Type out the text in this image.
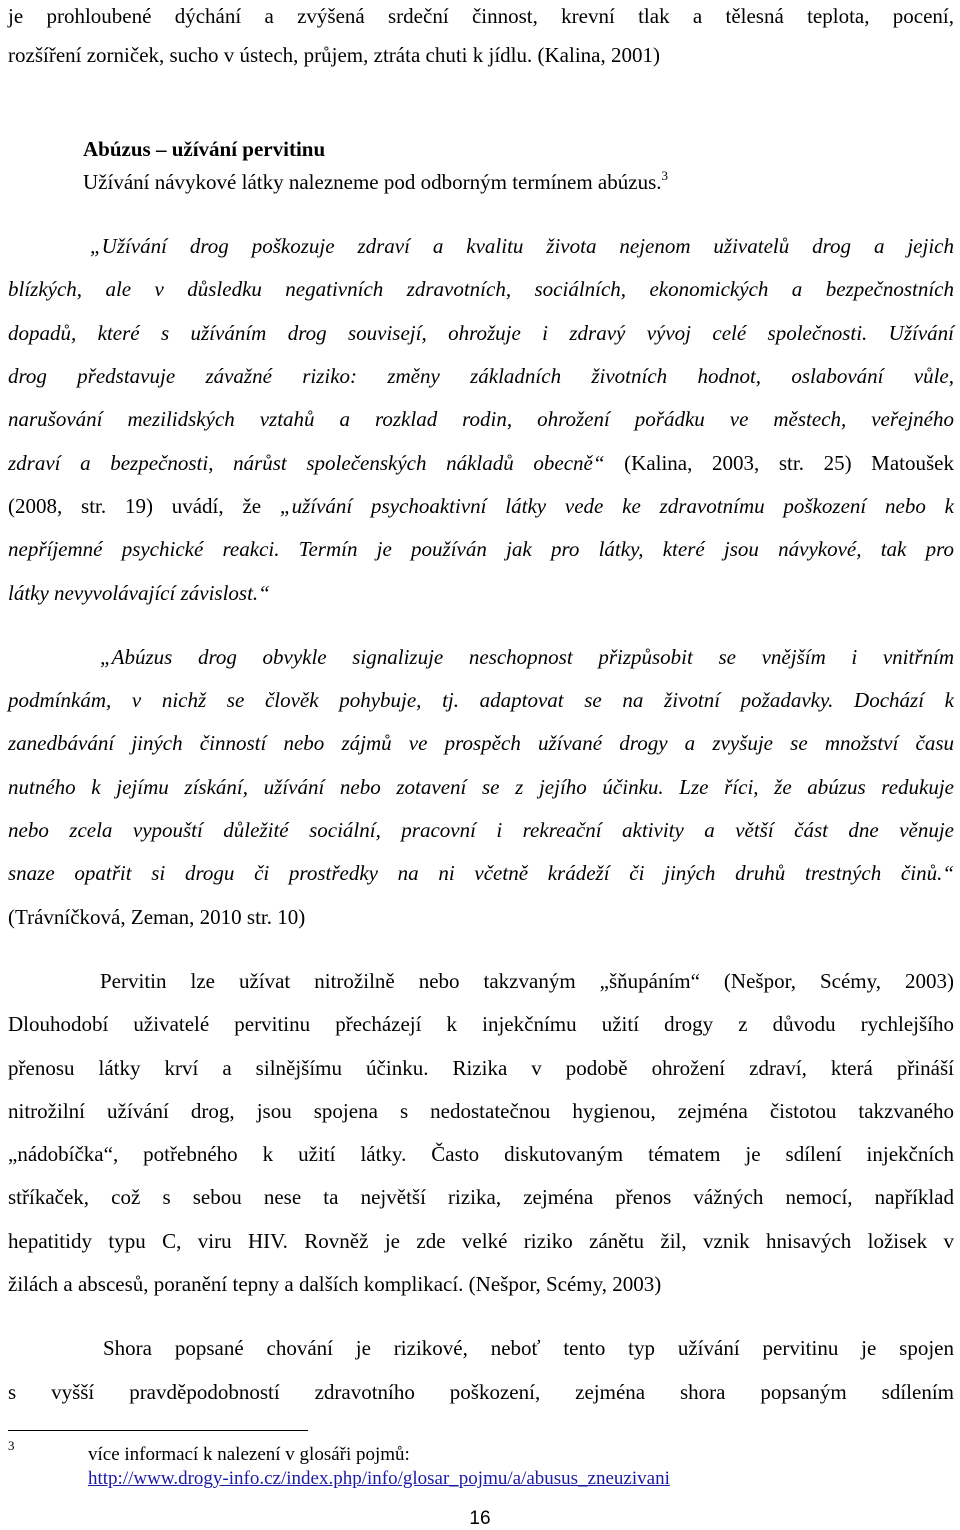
je prohloubené dýchání a zvýšená srdeční činnost, krevní tlak a tělesná teplota, pocení,
rozšíření zorniček, sucho v ústech, průjem, ztráta chuti k jídlu. (Kalina, 2001)
Abúzus – užívání pervitinu
Užívání návykové látky nalezneme pod odborným termínem abúzus.$^3$
„Užívání drog poškozuje zdraví a kvalitu života nejenom uživatelů drog a jejich
blízkých, ale v důsledku negativních zdravotních, sociálních, ekonomických a bezpečnostních
dopadů, které s užíváním drog souvisejí, ohrožuje i zdravý vývoj celé společnosti. Užívání
drog představuje závažné riziko: změny základních životních hodnot, oslabování vůle,
narušování mezilidských vztahů a rozklad rodin, ohrožení pořádku ve městech, veřejného
zdraví a bezpečnosti, nárůst společenských nákladů obecně“ (Kalina, 2003, str. 25) Matoušek
(2008, str. 19) uvádí, že „užívání psychoaktivní látky vede ke zdravotnímu poškození nebo k
nepříjemné psychické reakci. Termín je používán jak pro látky, které jsou návykové, tak pro
látky nevyvolávající závislost.“
„Abúzus drog obvykle signalizuje neschopnost přizpůsobit se vnějším i vnitřním
podmínkám, v nichž se člověk pohybuje, tj. adaptovat se na životní požadavky. Dochází k
zanedbávání jiných činností nebo zájmů ve prospěch užívané drogy a zvyšuje se množství času
nutného k jejímu získání, užívání nebo zotavení se z jejího účinku. Lze říci, že abúzus redukuje
nebo zcela vypouští důležité sociální, pracovní i rekreační aktivity a větší část dne věnuje
snaze opatřit si drogu či prostředky na ni včetně krádeží či jiných druhů trestných činů.“
(Trávníčková, Zeman, 2010 str. 10)
Pervitin lze užívat nitrožilně nebo takzvaným „šňupáním“ (Nešpor, Scémy, 2003)
Dlouhodobí uživatelé pervitinu přecházejí k injekčnímu užití drogy z důvodu rychlejšího
přenosu látky krví a silnějšímu účinku. Rizika v podobě ohrožení zdraví, která přináší
nitrožilní užívání drog, jsou spojena s nedostatečnou hygienou, zejména čistotou takzvaného
„nádobíčka“, potřebného k užití látky. Často diskutovaným tématem je sdílení injekčních
stříkaček, což s sebou nese ta největší rizika, zejména přenos vážných nemocí, například
hepatitidy typu C, viru HIV. Rovněž je zde velké riziko zánětu žil, vznik hnisavých ložisek v
žilách a abscesů, poranění tepny a dalších komplikací. (Nešpor, Scémy, 2003)
Shora popsané chování je rizikové, neboť tento typ užívání pervitinu je spojen
s vyšší pravděpodobností zdravotního poškození, zejména shora popsaným sdílením
3	více informací k nalezení v glosáři pojmů:
http://www.drogy-info.cz/index.php/info/glosar_pojmu/a/abusus_zneuzivani
16
